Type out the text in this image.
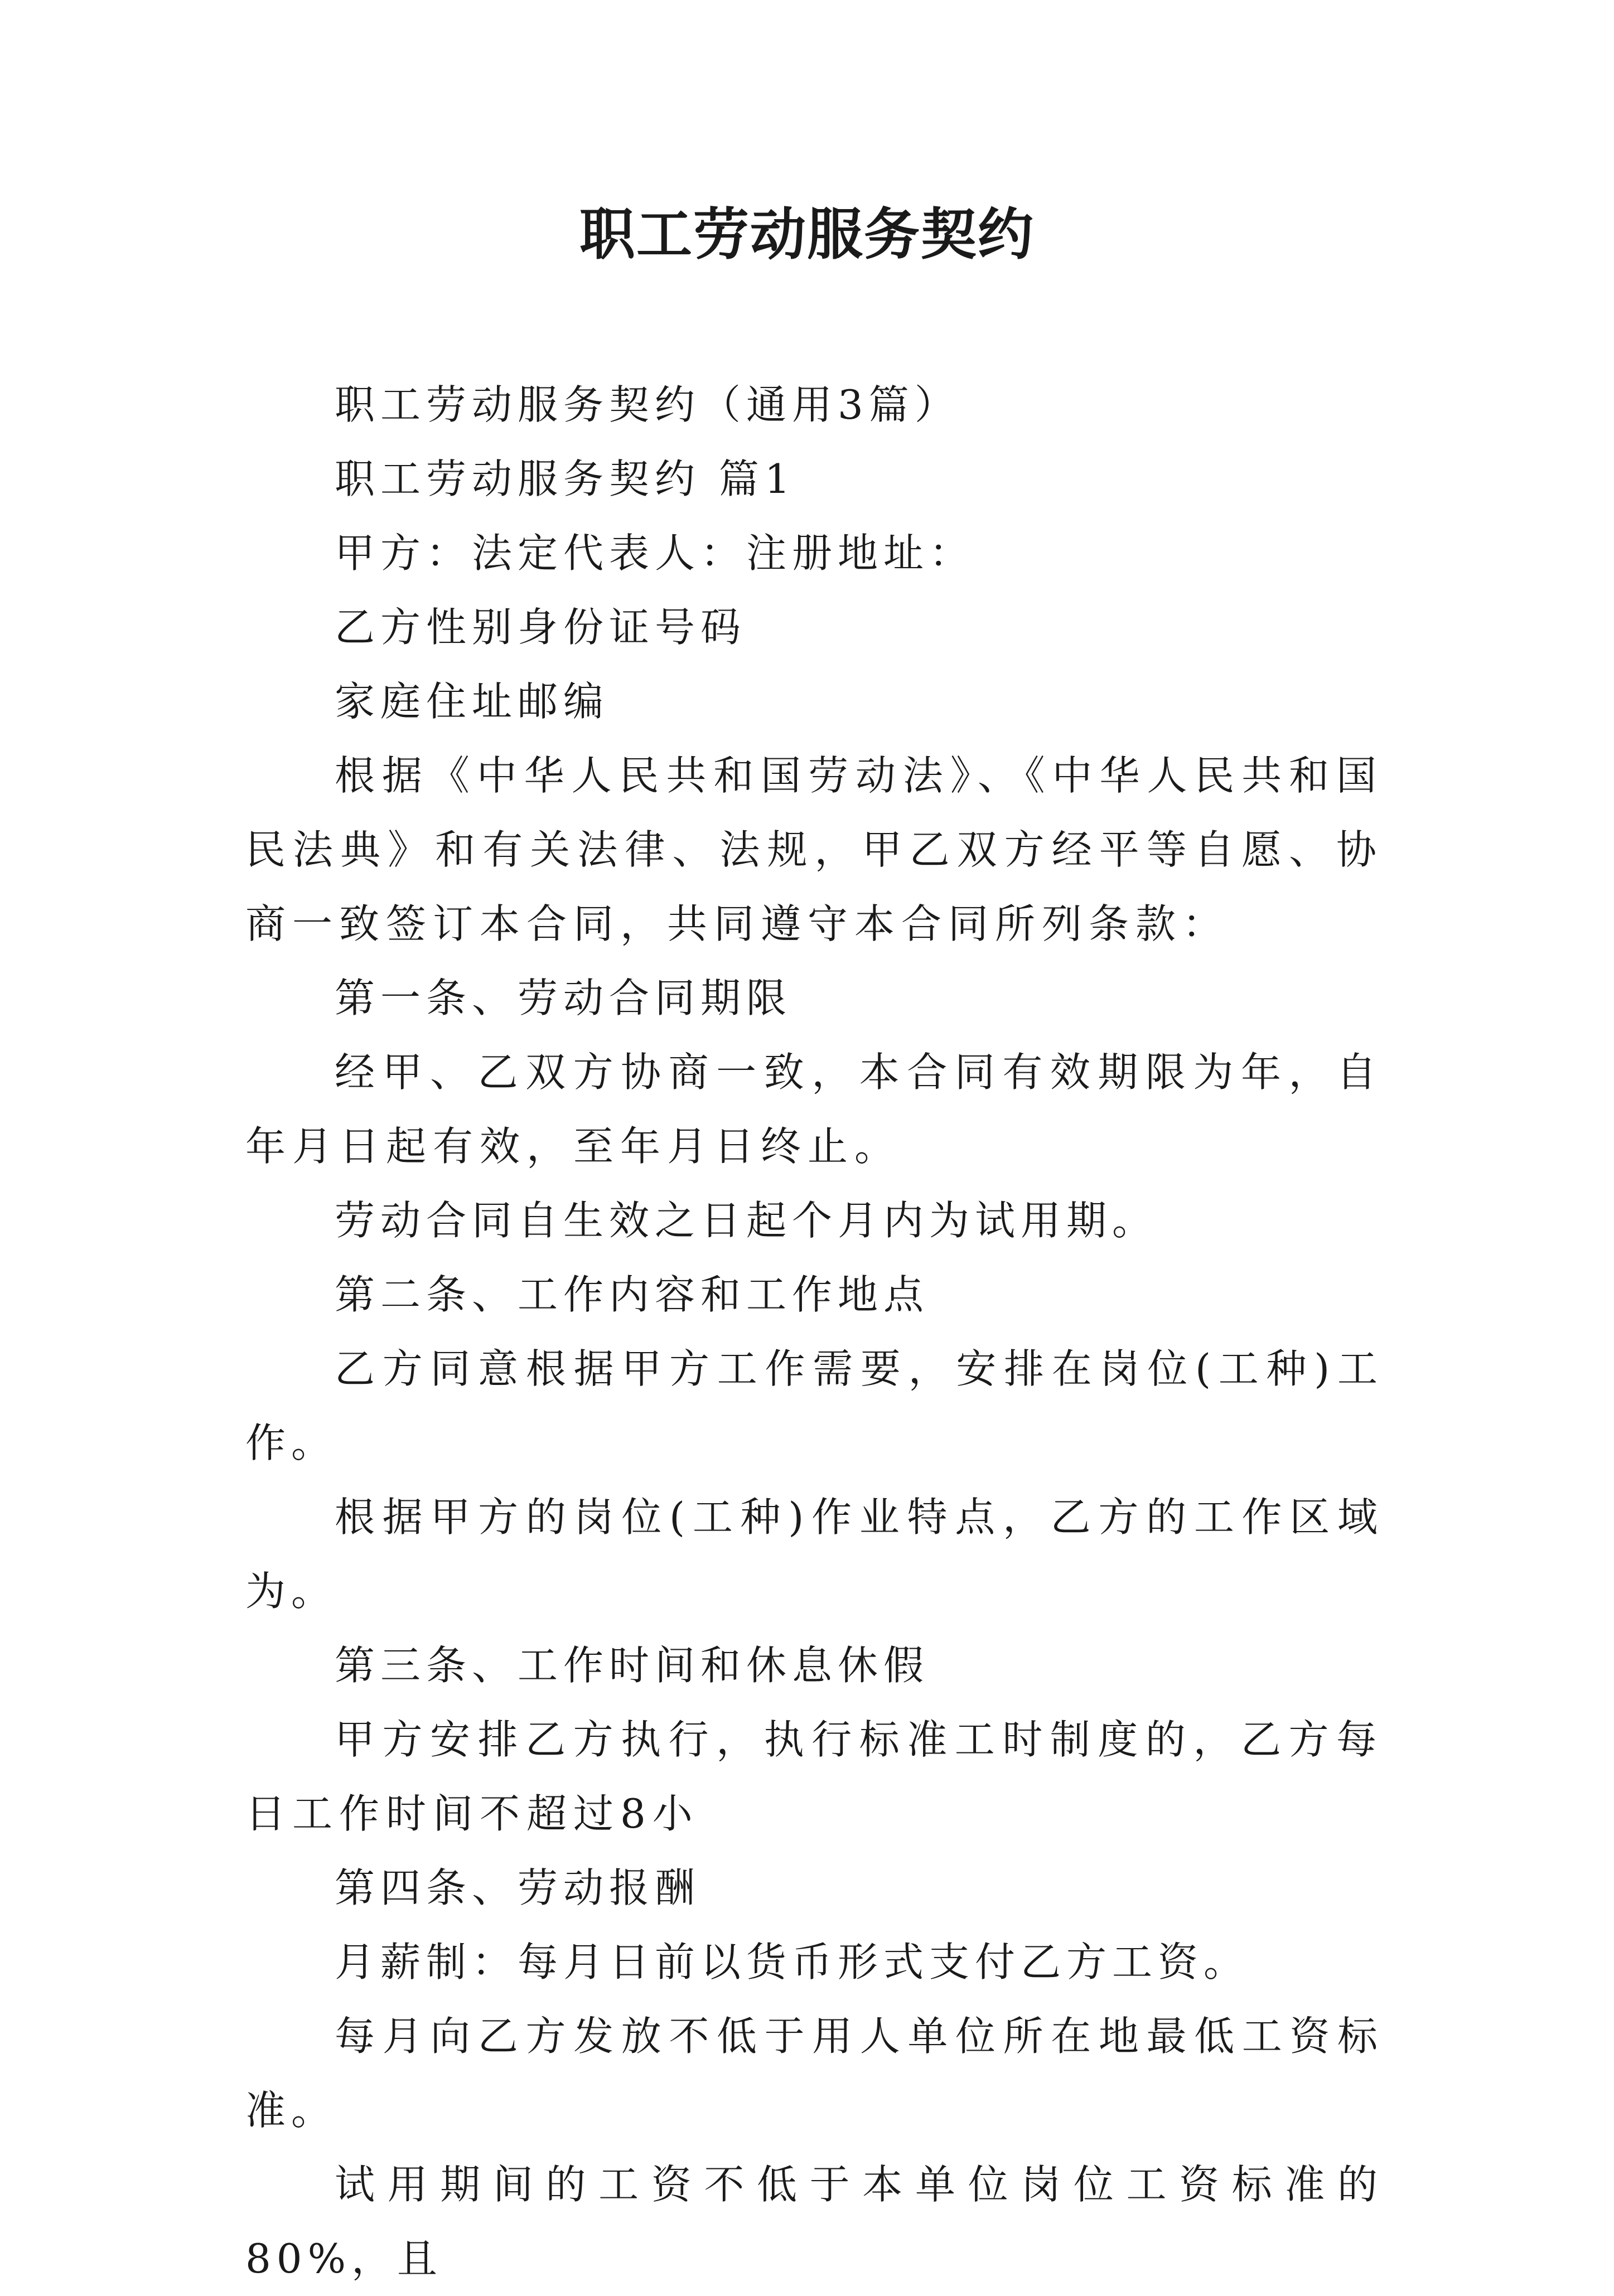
职工劳动服务契约

职工劳动服务契约（通用3篇）

职工劳动服务契约 篇1

甲方：法定代表人：注册地址：

乙方性别身份证号码

家庭住址邮编

根据《中华人民共和国劳动法》、《中华人民共和国民法典》和有关法律、法规，甲乙双方经平等自愿、协商一致签订本合同，共同遵守本合同所列条款：

第一条、劳动合同期限

经甲、乙双方协商一致，本合同有效期限为年，自年月日起有效，至年月日终止。

劳动合同自生效之日起个月内为试用期。

第二条、工作内容和工作地点

乙方同意根据甲方工作需要，安排在岗位(工种)工作。

根据甲方的岗位(工种)作业特点，乙方的工作区域为。

第三条、工作时间和休息休假

甲方安排乙方执行，执行标准工时制度的，乙方每日工作时间不超过8小

第四条、劳动报酬

月薪制：每月日前以货币形式支付乙方工资。

每月向乙方发放不低于用人单位所在地最低工资标准。

试用期间的工资不低于本单位岗位工资标准的80%，且
